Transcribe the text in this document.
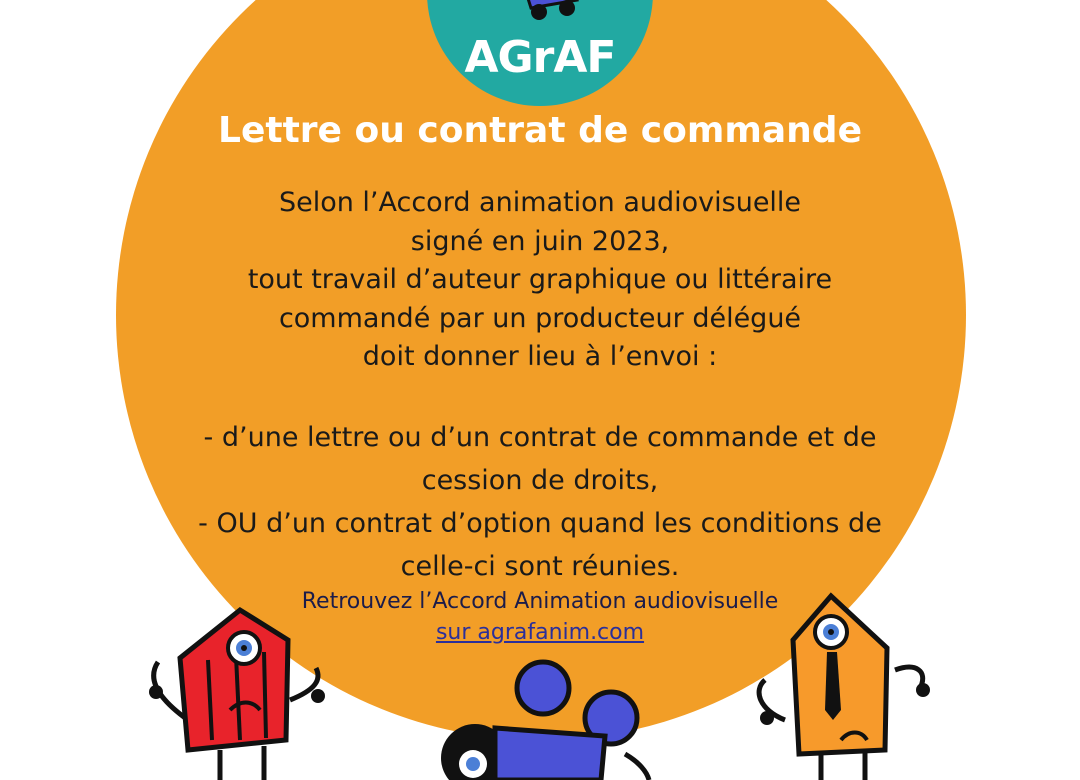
AGrAF
Lettre ou contrat de commande
Selon l’Accord animation audiovisuelle
signé en juin 2023,
tout travail d’auteur graphique ou littéraire
commandé par un producteur délégué
doit donner lieu à l’envoi :
- d’une lettre ou d’un contrat de commande et de
cession de droits,
- OU d’un contrat d’option quand les conditions de
celle-ci sont réunies.
Retrouvez l’Accord Animation audiovisuelle
sur agrafanim.com
